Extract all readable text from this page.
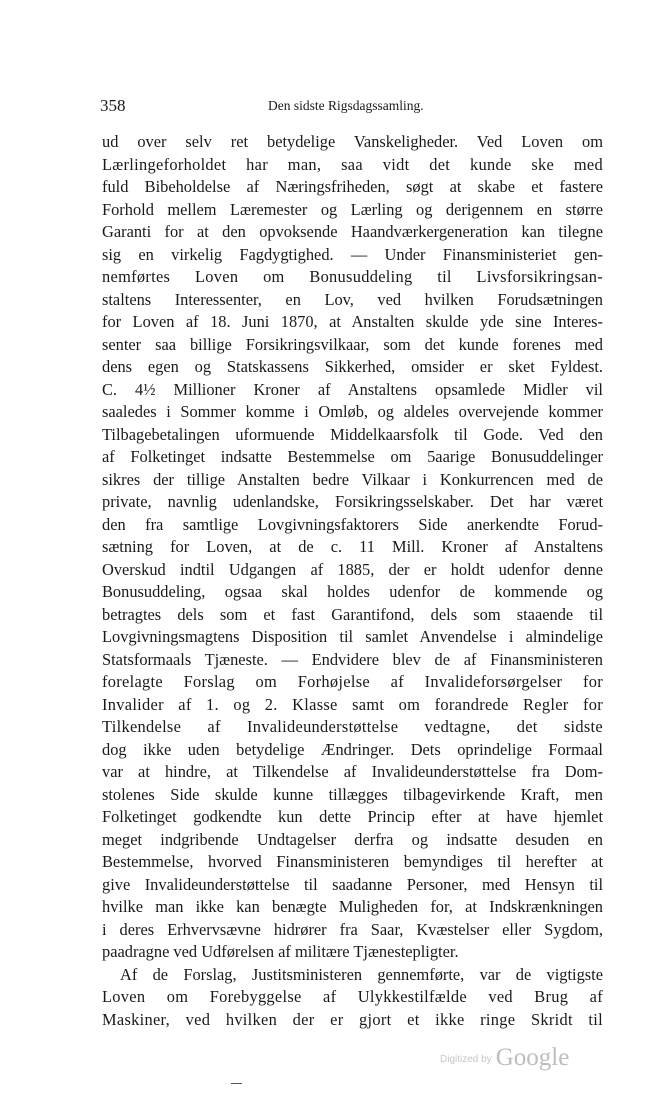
358	Den sidste Rigsdagssamling.
ud over selv ret betydelige Vanskeligheder. Ved Loven om
Lærlingeforholdet har man, saa vidt det kunde ske med
fuld Bibeholdelse af Næringsfriheden, søgt at skabe et fastere
Forhold mellem Læremester og Lærling og derigennem en større
Garanti for at den opvoksende Haandværkergeneration kan tilegne
sig en virkelig Fagdygtighed. — Under Finansministeriet gen-
nemførtes Loven om Bonusuddeling til Livsforsikringsan-
staltens Interessenter, en Lov, ved hvilken Forudsætningen
for Loven af 18. Juni 1870, at Anstalten skulde yde sine Interes-
senter saa billige Forsikringsvilkaar, som det kunde forenes med
dens egen og Statskassens Sikkerhed, omsider er sket Fyldest.
C. 4½ Millioner Kroner af Anstaltens opsamlede Midler vil
saaledes i Sommer komme i Omløb, og aldeles overvejende kommer
Tilbagebetalingen uformuende Middelkaarsfolk til Gode. Ved den
af Folketinget indsatte Bestemmelse om 5aarige Bonusuddelinger
sikres der tillige Anstalten bedre Vilkaar i Konkurrencen med de
private, navnlig udenlandske, Forsikringsselskaber. Det har været
den fra samtlige Lovgivningsfaktorers Side anerkendte Forud-
sætning for Loven, at de c. 11 Mill. Kroner af Anstaltens
Overskud indtil Udgangen af 1885, der er holdt udenfor denne
Bonusuddeling, ogsaa skal holdes udenfor de kommende og
betragtes dels som et fast Garantifond, dels som staaende til
Lovgivningsmagtens Disposition til samlet Anvendelse i almindelige
Statsformaals Tjæneste. — Endvidere blev de af Finansministeren
forelagte Forslag om Forhøjelse af Invalideforsørgelser for
Invalider af 1. og 2. Klasse samt om forandrede Regler for
Tilkendelse af Invalideunderstøttelse vedtagne, det sidste
dog ikke uden betydelige Ændringer. Dets oprindelige Formaal
var at hindre, at Tilkendelse af Invalideunderstøttelse fra Dom-
stolenes Side skulde kunne tillægges tilbagevirkende Kraft, men
Folketinget godkendte kun dette Princip efter at have hjemlet
meget indgribende Undtagelser derfra og indsatte desuden en
Bestemmelse, hvorved Finansministeren bemyndiges til herefter at
give Invalideunderstøttelse til saadanne Personer, med Hensyn til
hvilke man ikke kan benægte Muligheden for, at Indskrænkningen
i deres Erhvervsævne hidrører fra Saar, Kvæstelser eller Sygdom,
paadragne ved Udførelsen af militære Tjænestepligter.
Af de Forslag, Justitsministeren gennemførte, var de vigtigste
Loven om Forebyggelse af Ulykkestilfælde ved Brug af
Maskiner, ved hvilken der er gjort et ikke ringe Skridt til
Digitized by Google
